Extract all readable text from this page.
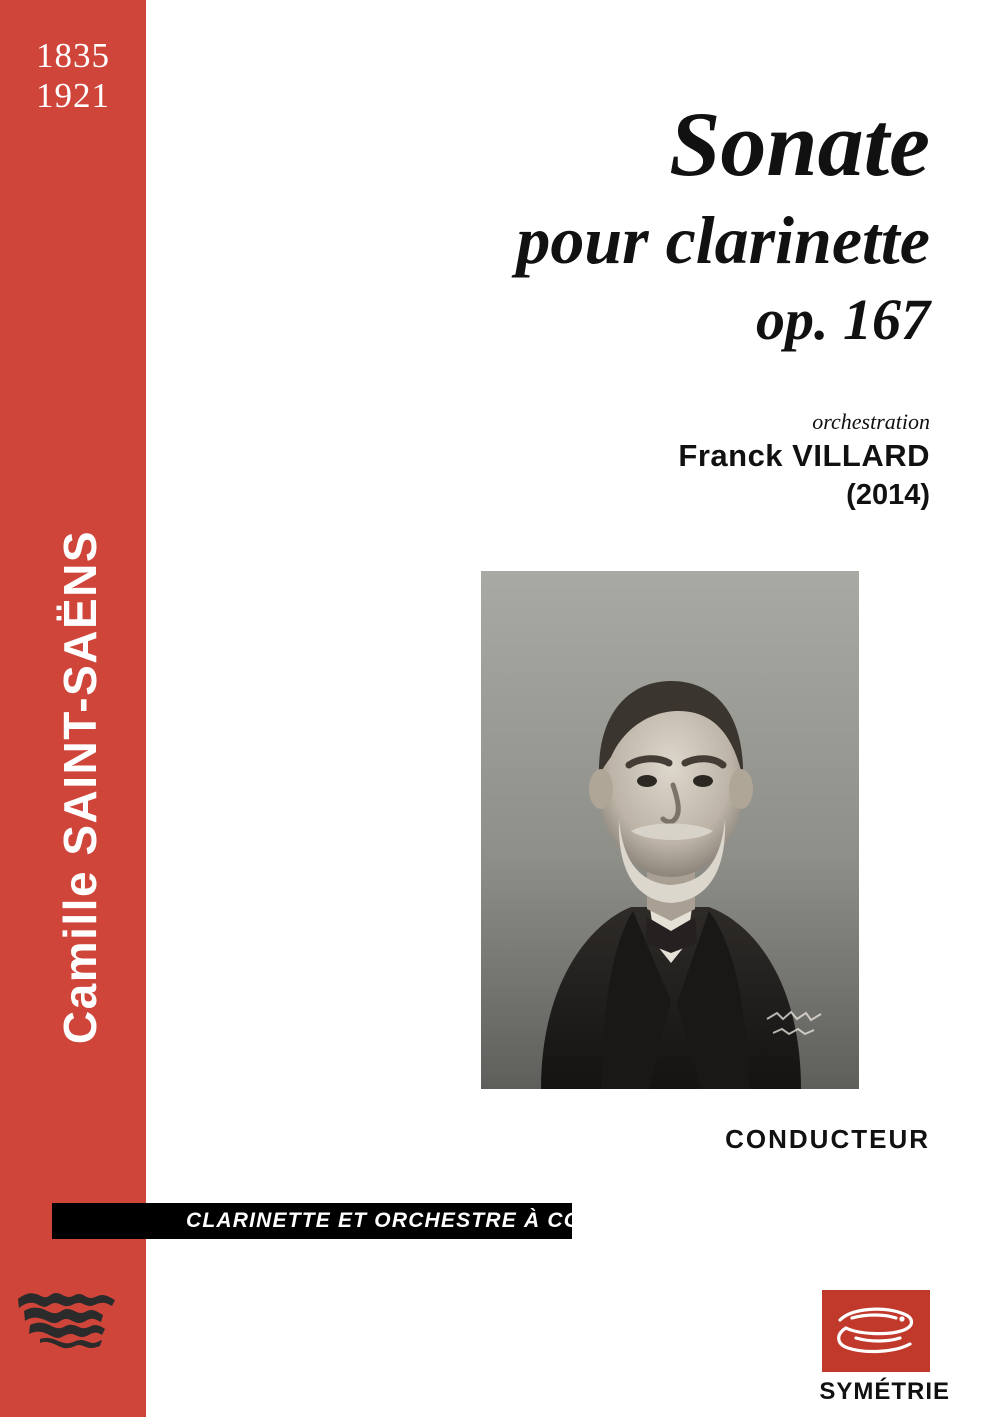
1835
1921
Camille SAINT-SAËNS
Sonate
pour clarinette
op. 167
orchestration
Franck VILLARD
(2014)
CONDUCTEUR
CLARINETTE ET ORCHESTRE À CORDES
SYMÉTRIE
